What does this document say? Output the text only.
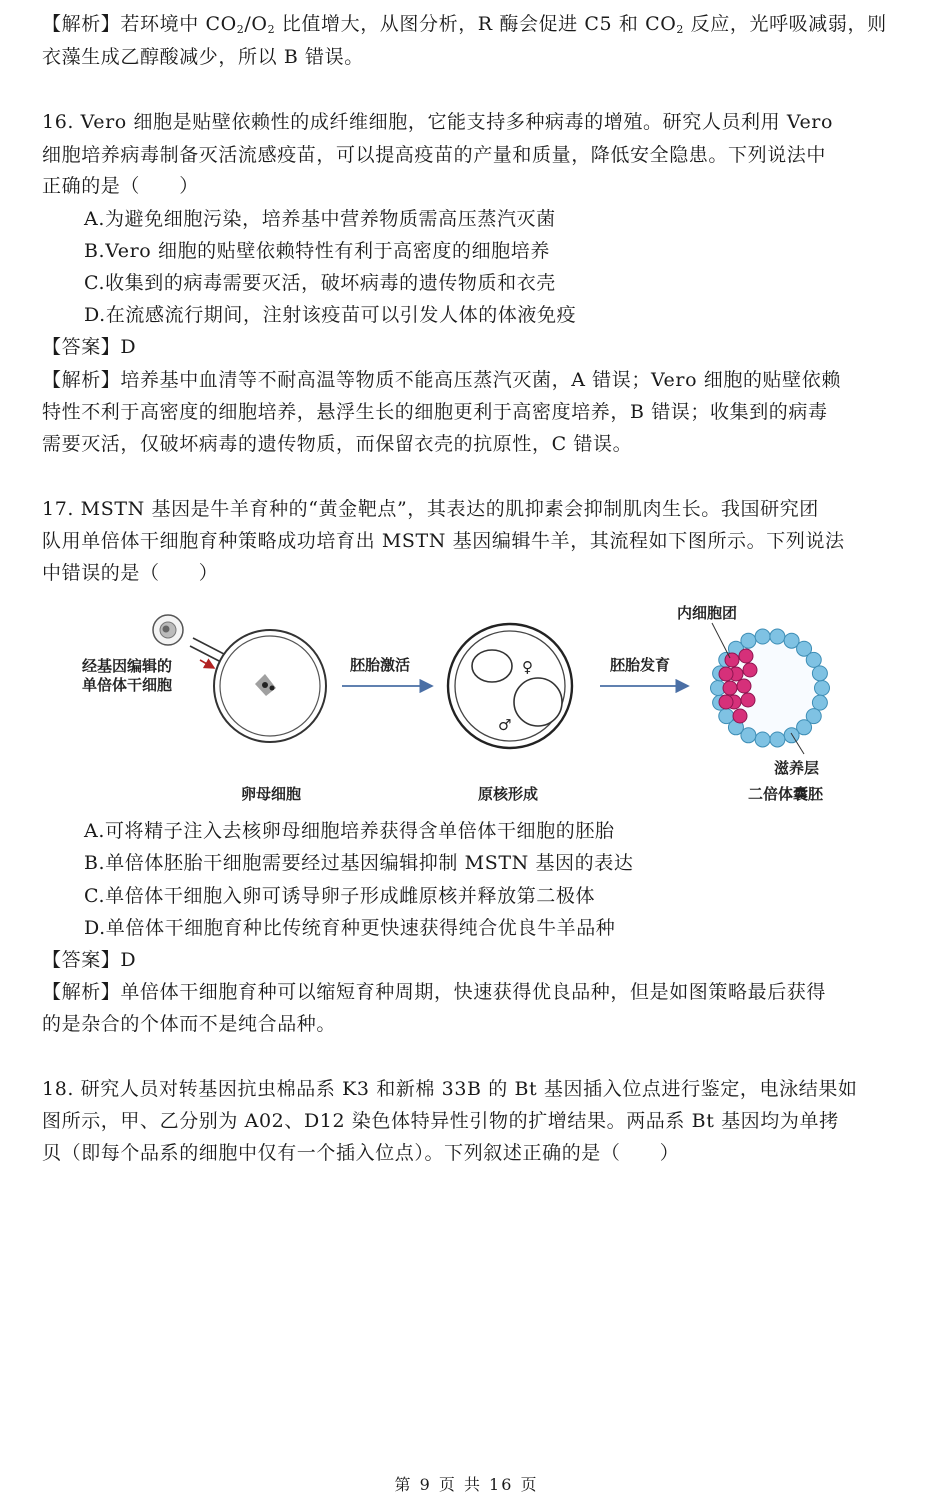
【解析】若环境中 $CO_2/O_2$ 比值增大，从图分析，R 酶会促进 C5 和 $CO_2$ 反应，光呼吸减弱，则
衣藻生成乙醇酸减少，所以 B 错误。
16. Vero 细胞是贴壁依赖性的成纤维细胞，它能支持多种病毒的增殖。研究人员利用 Vero
细胞培养病毒制备灭活流感疫苗，可以提高疫苗的产量和质量，降低安全隐患。下列说法中
正确的是（　　）
A.为避免细胞污染，培养基中营养物质需高压蒸汽灭菌
B.Vero 细胞的贴壁依赖特性有利于高密度的细胞培养
C.收集到的病毒需要灭活，破坏病毒的遗传物质和衣壳
D.在流感流行期间，注射该疫苗可以引发人体的体液免疫
【答案】D
【解析】培养基中血清等不耐高温等物质不能高压蒸汽灭菌，A 错误；Vero 细胞的贴壁依赖
特性不利于高密度的细胞培养，悬浮生长的细胞更利于高密度培养，B 错误；收集到的病毒
需要灭活，仅破坏病毒的遗传物质，而保留衣壳的抗原性，C 错误。
17. MSTN 基因是牛羊育种的“黄金靶点”，其表达的肌抑素会抑制肌肉生长。我国研究团
队用单倍体干细胞育种策略成功培育出 MSTN 基因编辑牛羊，其流程如下图所示。下列说法
中错误的是（　　）
经基因编辑的
单倍体干细胞
卵母细胞
胚胎激活	♀
♂
原核形成
胚胎发育
内细胞团
滋养层
二倍体囊胚
A.可将精子注入去核卵母细胞培养获得含单倍体干细胞的胚胎
B.单倍体胚胎干细胞需要经过基因编辑抑制 MSTN 基因的表达
C.单倍体干细胞入卵可诱导卵子形成雌原核并释放第二极体
D.单倍体干细胞育种比传统育种更快速获得纯合优良牛羊品种
【答案】D
【解析】单倍体干细胞育种可以缩短育种周期，快速获得优良品种，但是如图策略最后获得
的是杂合的个体而不是纯合品种。
18. 研究人员对转基因抗虫棉品系 K3 和新棉 33B 的 Bt 基因插入位点进行鉴定，电泳结果如
图所示，甲、乙分别为 A02、D12 染色体特异性引物的扩增结果。两品系 Bt 基因均为单拷
贝（即每个品系的细胞中仅有一个插入位点）。下列叙述正确的是（　　）
第 9 页 共 16 页
